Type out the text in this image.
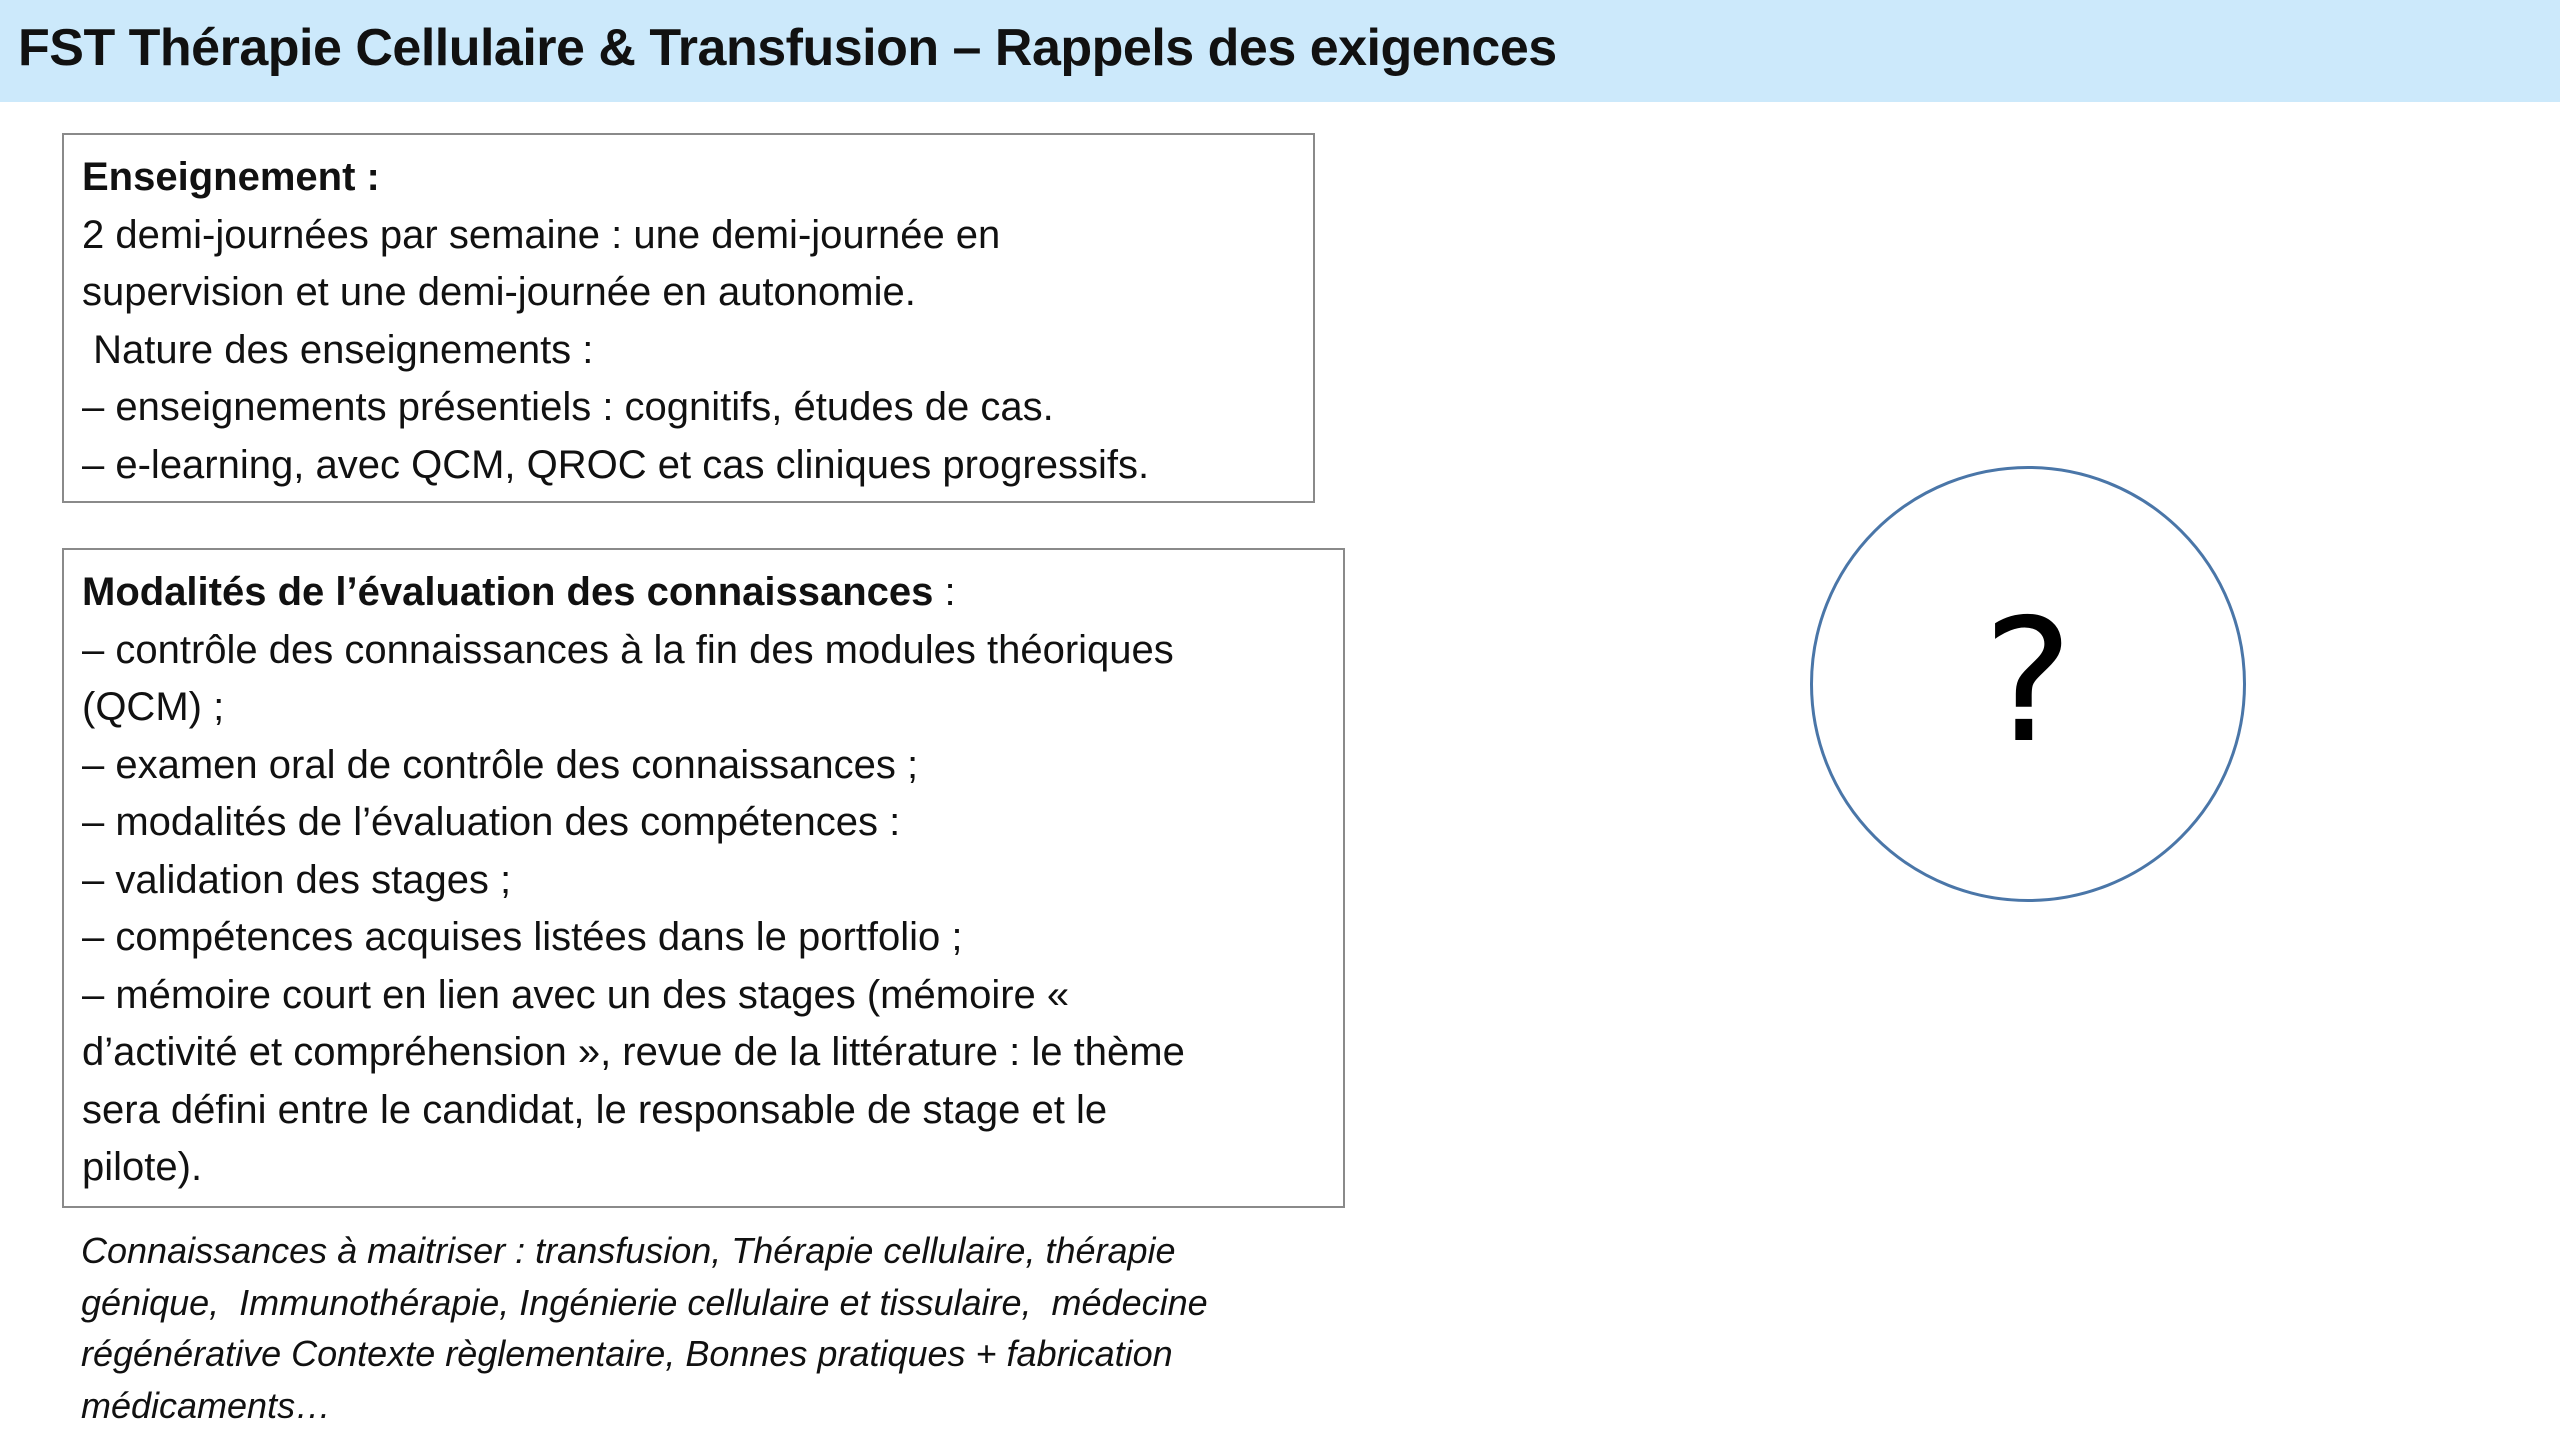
FST Thérapie Cellulaire & Transfusion – Rappels des exigences
Enseignement :
2 demi-journées par semaine : une demi-journée en
supervision et une demi-journée en autonomie.
Nature des enseignements :
– enseignements présentiels : cognitifs, études de cas.
– e-learning, avec QCM, QROC et cas cliniques progressifs.
Modalités de l’évaluation des connaissances :
– contrôle des connaissances à la fin des modules théoriques
(QCM) ;
– examen oral de contrôle des connaissances ;
– modalités de l’évaluation des compétences :
– validation des stages ;
– compétences acquises listées dans le portfolio ;
– mémoire court en lien avec un des stages (mémoire «
d’activité et compréhension », revue de la littérature : le thème
sera défini entre le candidat, le responsable de stage et le
pilote).
Connaissances à maitriser : transfusion, Thérapie cellulaire, thérapie
génique,  Immunothérapie, Ingénierie cellulaire et tissulaire,  médecine
régénérative Contexte règlementaire, Bonnes pratiques + fabrication
médicaments…
?
